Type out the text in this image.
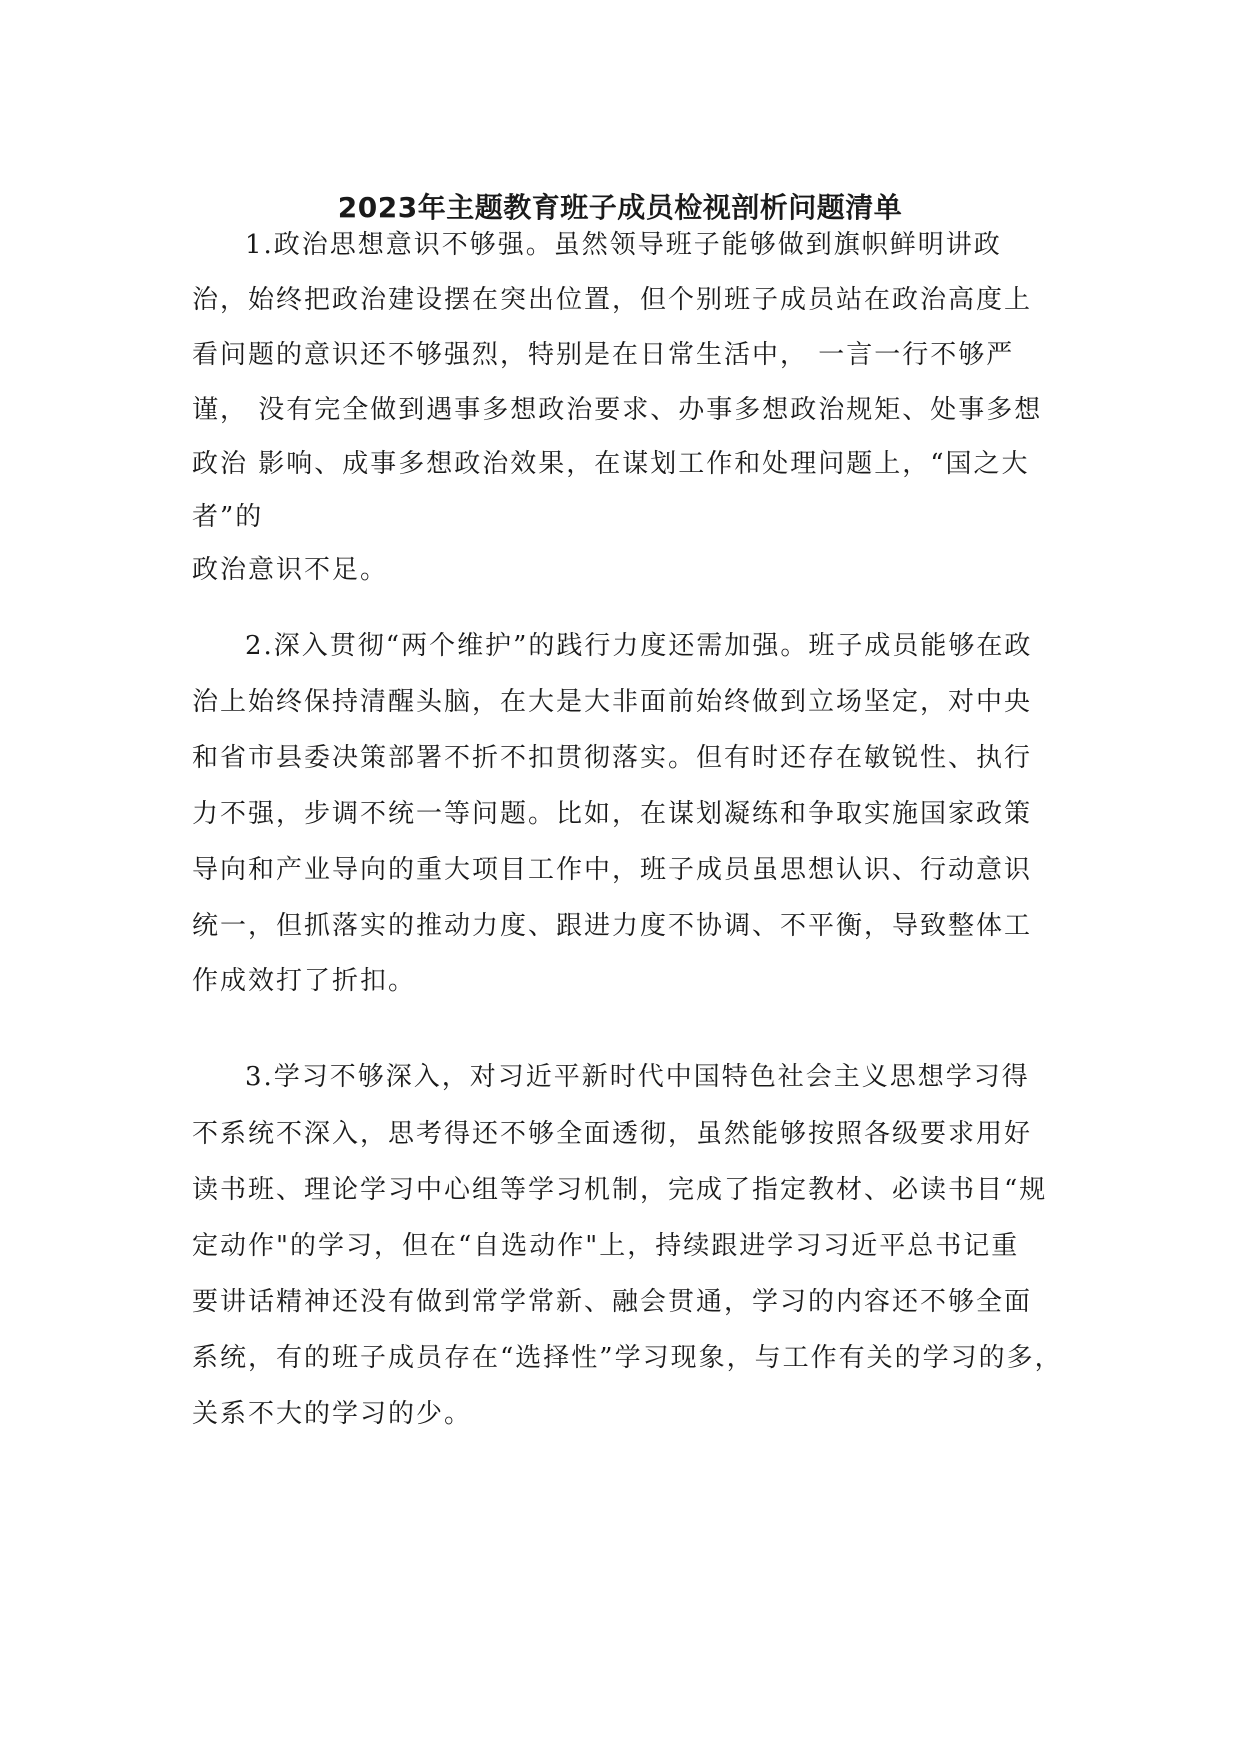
2023年主题教育班子成员检视剖析问题清单
1.政治思想意识不够强。虽然领导班子能够做到旗帜鲜明讲政
治，始终把政治建设摆在突出位置，但个别班子成员站在政治高度上
看问题的意识还不够强烈，特别是在日常生活中， 一言一行不够严
谨， 没有完全做到遇事多想政治要求、办事多想政治规矩、处事多想
政治 影响、成事多想政治效果，在谋划工作和处理问题上，“国之大
者”的
政治意识不足。
2.深入贯彻“两个维护”的践行力度还需加强。班子成员能够在政
治上始终保持清醒头脑，在大是大非面前始终做到立场坚定，对中央
和省市县委决策部署不折不扣贯彻落实。但有时还存在敏锐性、执行
力不强，步调不统一等问题。比如，在谋划凝练和争取实施国家政策
导向和产业导向的重大项目工作中，班子成员虽思想认识、行动意识
统一，但抓落实的推动力度、跟进力度不协调、不平衡，导致整体工
作成效打了折扣。
3.学习不够深入，对习近平新时代中国特色社会主义思想学习得
不系统不深入，思考得还不够全面透彻，虽然能够按照各级要求用好
读书班、理论学习中心组等学习机制，完成了指定教材、必读书目“规
定动作"的学习，但在“自选动作"上，持续跟进学习习近平总书记重
要讲话精神还没有做到常学常新、融会贯通，学习的内容还不够全面
系统，有的班子成员存在“选择性”学习现象，与工作有关的学习的多，
关系不大的学习的少。
